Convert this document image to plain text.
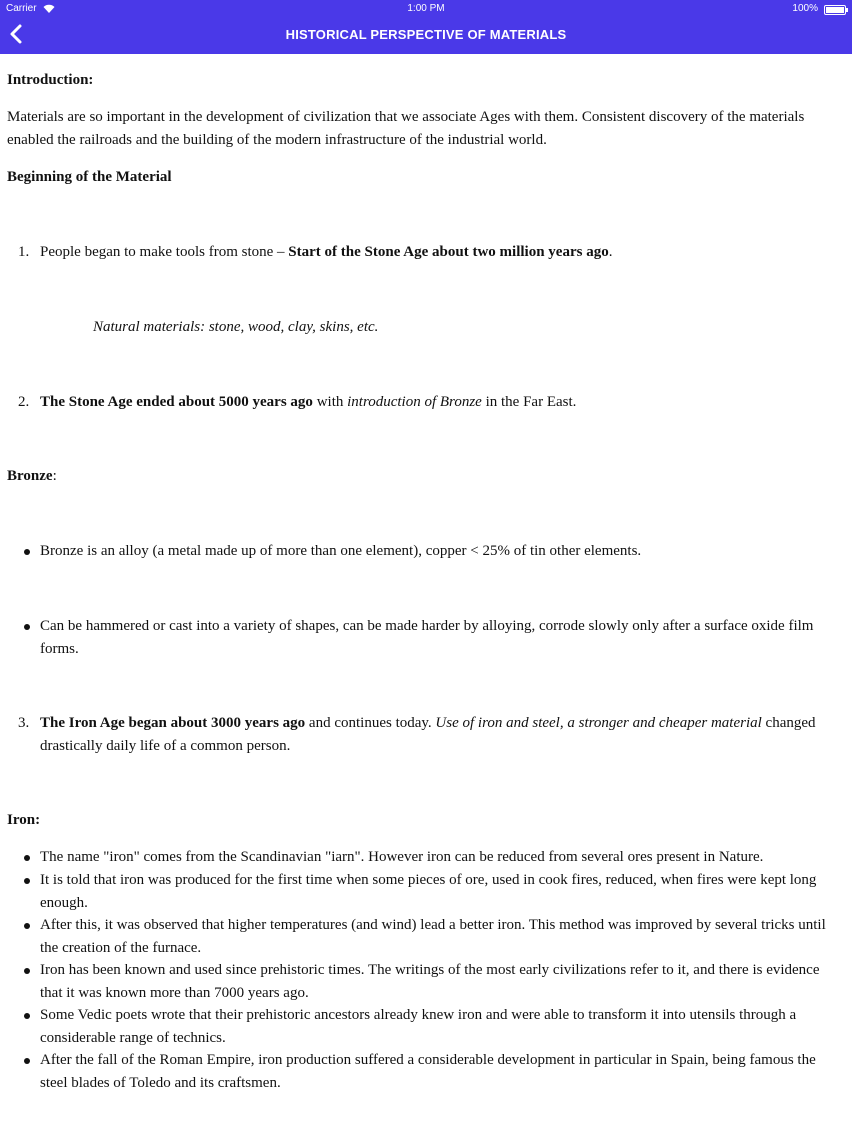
Carrier	1:00 PM	100%
HISTORICAL PERSPECTIVE OF MATERIALS
Introduction:
Materials are so important in the development of civilization that we associate Ages with them. Consistent discovery of the materials enabled the railroads and the building of the modern infrastructure of the industrial world.
Beginning of the Material
1. People began to make tools from stone – Start of the Stone Age about two million years ago.
Natural materials: stone, wood, clay, skins, etc.
2. The Stone Age ended about 5000 years ago with introduction of Bronze in the Far East.
Bronze:
Bronze is an alloy (a metal made up of more than one element), copper < 25% of tin other elements.
Can be hammered or cast into a variety of shapes, can be made harder by alloying, corrode slowly only after a surface oxide film forms.
3. The Iron Age began about 3000 years ago and continues today. Use of iron and steel, a stronger and cheaper material changed drastically daily life of a common person.
Iron:
The name "iron" comes from the Scandinavian "iarn". However iron can be reduced from several ores present in Nature.
It is told that iron was produced for the first time when some pieces of ore, used in cook fires, reduced, when fires were kept long enough.
After this, it was observed that higher temperatures (and wind) lead a better iron. This method was improved by several tricks until the creation of the furnace.
Iron has been known and used since prehistoric times. The writings of the most early civilizations refer to it, and there is evidence that it was known more than 7000 years ago.
Some Vedic poets wrote that their prehistoric ancestors already knew iron and were able to transform it into utensils through a considerable range of technics.
After the fall of the Roman Empire, iron production suffered a considerable development in particular in Spain, being famous the steel blades of Toledo and its craftsmen.
